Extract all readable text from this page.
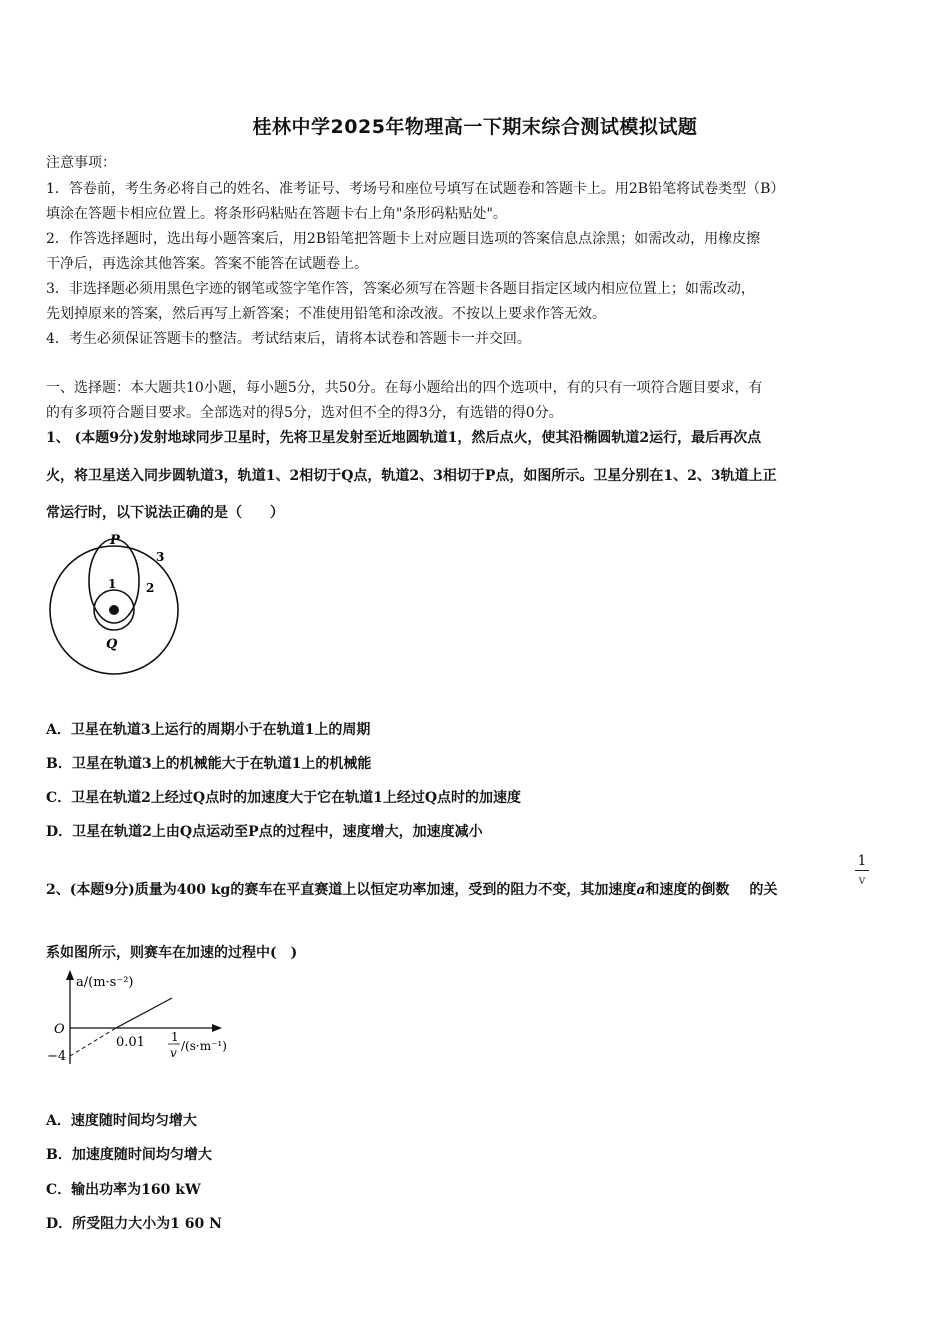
桂林中学2025年物理高一下期末综合测试模拟试题
注意事项：
1．答卷前，考生务必将自己的姓名、准考证号、考场号和座位号填写在试题卷和答题卡上。用2B铅笔将试卷类型（B）
填涂在答题卡相应位置上。将条形码粘贴在答题卡右上角"条形码粘贴处"。
2．作答选择题时，选出每小题答案后，用2B铅笔把答题卡上对应题目选项的答案信息点涂黑；如需改动，用橡皮擦
干净后，再选涂其他答案。答案不能答在试题卷上。
3．非选择题必须用黑色字迹的钢笔或签字笔作答，答案必须写在答题卡各题目指定区域内相应位置上；如需改动，
先划掉原来的答案，然后再写上新答案；不准使用铅笔和涂改液。不按以上要求作答无效。
4．考生必须保证答题卡的整洁。考试结束后，请将本试卷和答题卡一并交回。
一、选择题：本大题共10小题，每小题5分，共50分。在每小题给出的四个选项中，有的只有一项符合题目要求，有
的有多项符合题目要求。全部选对的得5分，选对但不全的得3分，有选错的得0分。
1、 (本题9分)发射地球同步卫星时，先将卫星发射至近地圆轨道1，然后点火，使其沿椭圆轨道2运行，最后再次点
火，将卫星送入同步圆轨道3，轨道1、2相切于Q点，轨道2、3相切于P点，如图所示。卫星分别在1、2、3轨道上正
常运行时，以下说法正确的是（　　）
P
Q
1 2
3
A．卫星在轨道3上运行的周期小于在轨道1上的周期
B．卫星在轨道3上的机械能大于在轨道1上的机械能
C．卫星在轨道2上经过Q点时的加速度大于它在轨道1上经过Q点时的加速度
D．卫星在轨道2上由Q点运动至P点的过程中，速度增大，加速度减小
2、(本题9分)质量为400 kg的赛车在平直赛道上以恒定功率加速，受到的阻力不变，其加速度a和速度的倒数 的关
$\frac{1}{v}$
系如图所示，则赛车在加速的过程中(　)
a/(m·s⁻²)
O
−4
0.01 1
v /(s·m⁻¹)
A．速度随时间均匀增大
B．加速度随时间均匀增大
C．输出功率为160 kW
D．所受阻力大小为1 60 N
